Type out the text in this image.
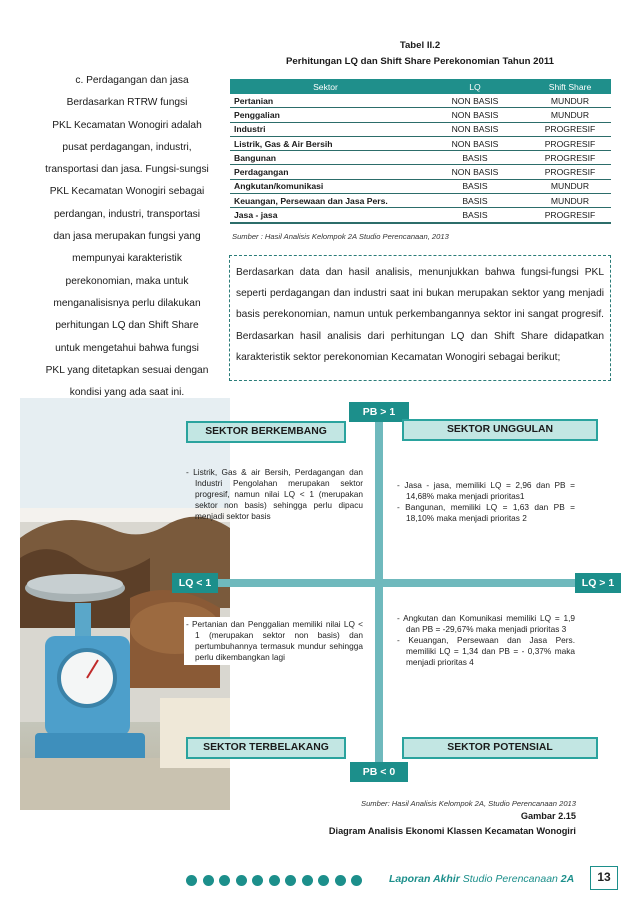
c. Perdagangan dan jasa
Berdasarkan RTRW fungsi
PKL Kecamatan Wonogiri adalah
pusat perdagangan, industri,
transportasi dan jasa. Fungsi-sungsi
PKL Kecamatan Wonogiri sebagai
perdangan, industri, transportasi
dan jasa merupakan fungsi yang
mempunyai karakteristik
perekonomian, maka untuk
menganalisisnya perlu dilakukan
perhitungan LQ dan Shift Share
untuk mengetahui bahwa fungsi
PKL yang ditetapkan sesuai dengan
kondisi yang ada saat ini.
Tabel II.2
Perhitungan LQ dan Shift Share Perekonomian Tahun 2011
Sektor	LQ	Shift Share
Pertanian	NON BASIS	MUNDUR
Penggalian	NON BASIS	MUNDUR
Industri	NON BASIS	PROGRESIF
Listrik, Gas & Air Bersih	NON BASIS	PROGRESIF
Bangunan	BASIS	PROGRESIF
Perdagangan	NON BASIS	PROGRESIF
Angkutan/komunikasi	BASIS	MUNDUR
Keuangan, Persewaan dan Jasa Pers.	BASIS	MUNDUR
Jasa - jasa	BASIS	PROGRESIF
Sumber : Hasil Analisis Kelompok 2A Studio Perencanaan, 2013
Berdasarkan data dan hasil analisis, menunjukkan bahwa fungsi-fungsi PKL seperti perdagangan dan industri saat ini bukan merupakan sektor yang menjadi basis perekonomian, namun untuk perkembangannya sektor ini sangat progresif. Berdasarkan hasil analisis dari perhitungan LQ dan Shift Share didapatkan karakteristik sektor perekonomian Kecamatan Wonogiri sebagai berikut;
PB > 1
PB < 0
LQ < 1	LQ > 1
SEKTOR BERKEMBANG	SEKTOR UNGGULAN
SEKTOR TERBELAKANG	SEKTOR POTENSIAL

- Listrik, Gas & air Bersih, Perdagangan dan Industri Pengolahan merupakan sektor progresif, namun nilai LQ < 1 (merupakan sektor non basis) sehingga perlu dipacu menjadi sektor basis

- Jasa - jasa, memiliki LQ = 2,96 dan PB = 14,68% maka menjadi prioritas1

- Bangunan, memiliki LQ = 1,63 dan PB = 18,10% maka menjadi prioritas 2

- Pertanian dan Penggalian memiliki nilai LQ < 1 (merupakan sektor non basis) dan pertumbuhannya termasuk mundur sehingga perlu dikembangkan lagi

- Angkutan dan Komunikasi memiliki LQ = 1,9 dan PB = -29,67% maka menjadi prioritas 3

- Keuangan, Persewaan dan Jasa Pers. memiliki LQ = 1,34 dan PB = - 0,37% maka menjadi prioritas 4

Sumber: Hasil Analisis Kelompok 2A, Studio Perencanaan 2013
Gambar 2.15
Diagram Analisis Ekonomi Klassen Kecamatan Wonogiri
Laporan Akhir Studio Perencanaan 2A	13
